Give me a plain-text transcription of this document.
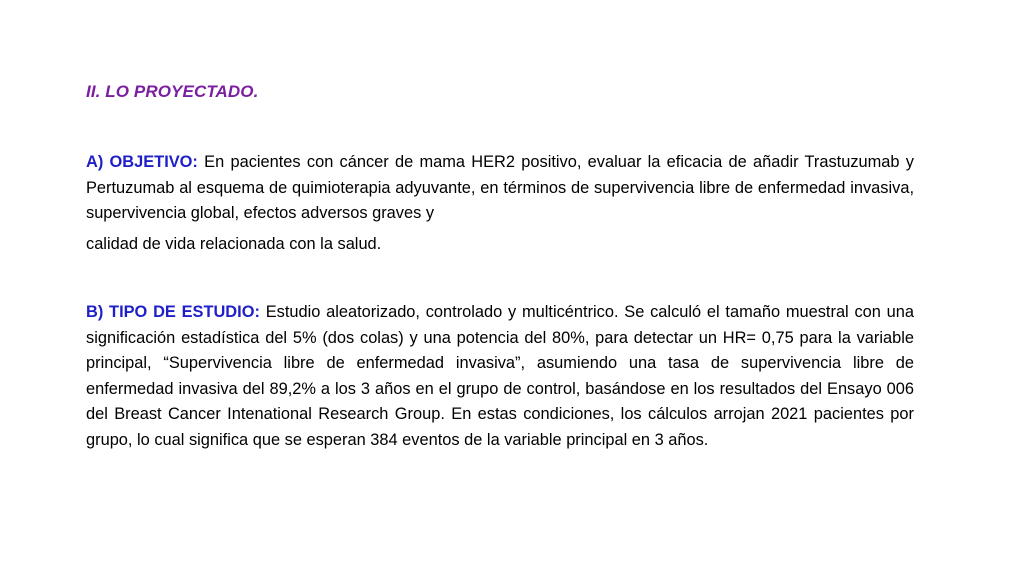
II. LO PROYECTADO.
A) OBJETIVO: En pacientes con cáncer de mama HER2 positivo, evaluar la eficacia de añadir Trastuzumab y Pertuzumab al esquema de quimioterapia adyuvante, en términos de supervivencia libre de enfermedad invasiva, supervivencia global, efectos adversos graves y
calidad de vida relacionada con la salud.
B) TIPO DE ESTUDIO: Estudio aleatorizado, controlado y multicéntrico. Se calculó el tamaño muestral con una significación estadística del 5% (dos colas) y una potencia del 80%, para detectar un HR= 0,75 para la variable principal, “Supervivencia libre de enfermedad invasiva”, asumiendo una tasa de supervivencia libre de enfermedad invasiva del 89,2% a los 3 años en el grupo de control, basándose en los resultados del Ensayo 006 del Breast Cancer Intenational Research Group. En estas condiciones, los cálculos arrojan 2021 pacientes por grupo, lo cual significa que se esperan 384 eventos de la variable principal en 3 años.
